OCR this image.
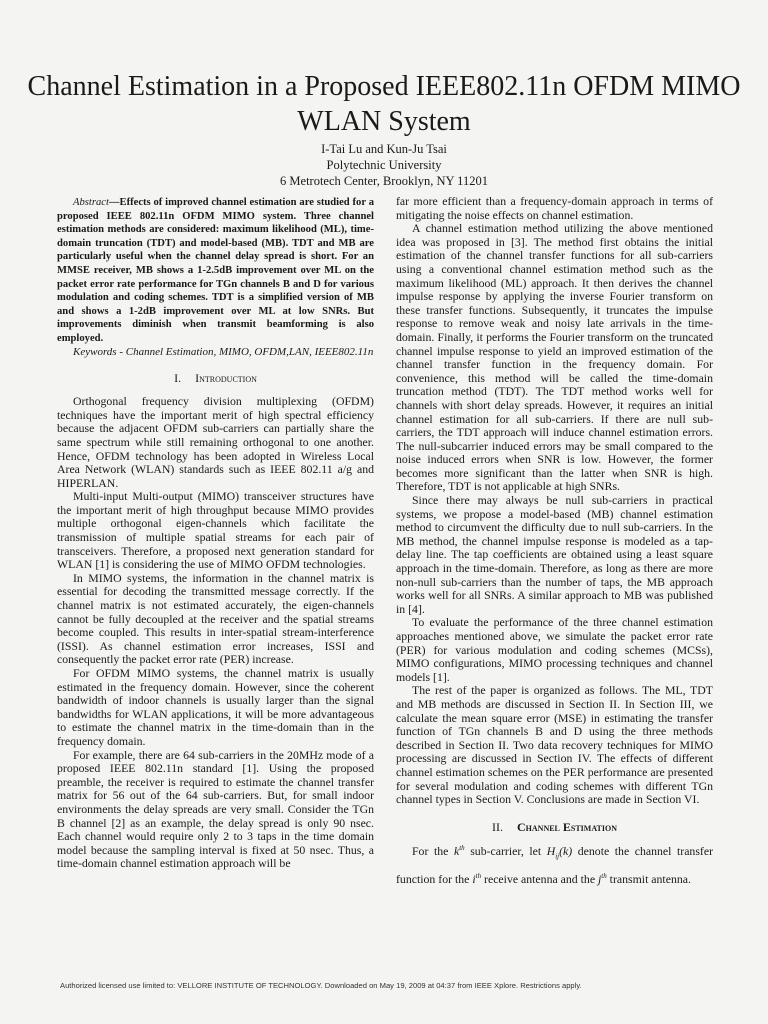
Channel Estimation in a Proposed IEEE802.11n OFDM MIMO WLAN System
I-Tai Lu and Kun-Ju Tsai
Polytechnic University
6 Metrotech Center, Brooklyn, NY 11201

Abstract—Effects of improved channel estimation are studied for a proposed IEEE 802.11n OFDM MIMO system. Three channel estimation methods are considered: maximum likelihood (ML), time-domain truncation (TDT) and model-based (MB). TDT and MB are particularly useful when the channel delay spread is short. For an MMSE receiver, MB shows a 1-2.5dB improvement over ML on the packet error rate performance for TGn channels B and D for various modulation and coding schemes. TDT is a simplified version of MB and shows a 1-2dB improvement over ML at low SNRs. But improvements diminish when transmit beamforming is also employed.

Keywords - Channel Estimation, MIMO, OFDM,LAN, IEEE802.11n

I. Introduction

Orthogonal frequency division multiplexing (OFDM) techniques have the important merit of high spectral efficiency because the adjacent OFDM sub-carriers can partially share the same spectrum while still remaining orthogonal to one another. Hence, OFDM technology has been adopted in Wireless Local Area Network (WLAN) standards such as IEEE 802.11 a/g and HIPERLAN.

Multi-input Multi-output (MIMO) transceiver structures have the important merit of high throughput because MIMO provides multiple orthogonal eigen-channels which facilitate the transmission of multiple spatial streams for each pair of transceivers. Therefore, a proposed next generation standard for WLAN [1] is considering the use of MIMO OFDM technologies.

In MIMO systems, the information in the channel matrix is essential for decoding the transmitted message correctly. If the channel matrix is not estimated accurately, the eigen-channels cannot be fully decoupled at the receiver and the spatial streams become coupled. This results in inter-spatial stream-interference (ISSI). As channel estimation error increases, ISSI and consequently the packet error rate (PER) increase.

For OFDM MIMO systems, the channel matrix is usually estimated in the frequency domain. However, since the coherent bandwidth of indoor channels is usually larger than the signal bandwidths for WLAN applications, it will be more advantageous to estimate the channel matrix in the time-domain than in the frequency domain.

For example, there are 64 sub-carriers in the 20MHz mode of a proposed IEEE 802.11n standard [1]. Using the proposed preamble, the receiver is required to estimate the channel transfer matrix for 56 out of the 64 sub-carriers. But, for small indoor environments the delay spreads are very small. Consider the TGn B channel [2] as an example, the delay spread is only 90 nsec. Each channel would require only 2 to 3 taps in the time domain model because the sampling interval is fixed at 50 nsec. Thus, a time-domain channel estimation approach will be

far more efficient than a frequency-domain approach in terms of mitigating the noise effects on channel estimation.

A channel estimation method utilizing the above mentioned idea was proposed in [3]. The method first obtains the initial estimation of the channel transfer functions for all sub-carriers using a conventional channel estimation method such as the maximum likelihood (ML) approach. It then derives the channel impulse response by applying the inverse Fourier transform on these transfer functions. Subsequently, it truncates the impulse response to remove weak and noisy late arrivals in the time-domain. Finally, it performs the Fourier transform on the truncated channel impulse response to yield an improved estimation of the channel transfer function in the frequency domain. For convenience, this method will be called the time-domain truncation method (TDT). The TDT method works well for channels with short delay spreads. However, it requires an initial channel estimation for all sub-carriers. If there are null sub-carriers, the TDT approach will induce channel estimation errors. The null-subcarrier induced errors may be small compared to the noise induced errors when SNR is low. However, the former becomes more significant than the latter when SNR is high. Therefore, TDT is not applicable at high SNRs.

Since there may always be null sub-carriers in practical systems, we propose a model-based (MB) channel estimation method to circumvent the difficulty due to null sub-carriers. In the MB method, the channel impulse response is modeled as a tap-delay line. The tap coefficients are obtained using a least square approach in the time-domain. Therefore, as long as there are more non-null sub-carriers than the number of taps, the MB approach works well for all SNRs. A similar approach to MB was published in [4].

To evaluate the performance of the three channel estimation approaches mentioned above, we simulate the packet error rate (PER) for various modulation and coding schemes (MCSs), MIMO configurations, MIMO processing techniques and channel models [1].

The rest of the paper is organized as follows. The ML, TDT and MB methods are discussed in Section II. In Section III, we calculate the mean square error (MSE) in estimating the transfer function of TGn channels B and D using the three methods described in Section II. Two data recovery techniques for MIMO processing are discussed in Section IV. The effects of different channel estimation schemes on the PER performance are presented for several modulation and coding schemes with different TGn channel types in Section V. Conclusions are made in Section VI.

II. Channel Estimation

For the $k^{th}$ sub-carrier, let $H_{ij}(k)$ denote the channel transfer function for the $i^{th}$ receive antenna and the $j^{th}$ transmit antenna.

Authorized licensed use limited to: VELLORE INSTITUTE OF TECHNOLOGY. Downloaded on May 19, 2009 at 04:37 from IEEE Xplore. Restrictions apply.
